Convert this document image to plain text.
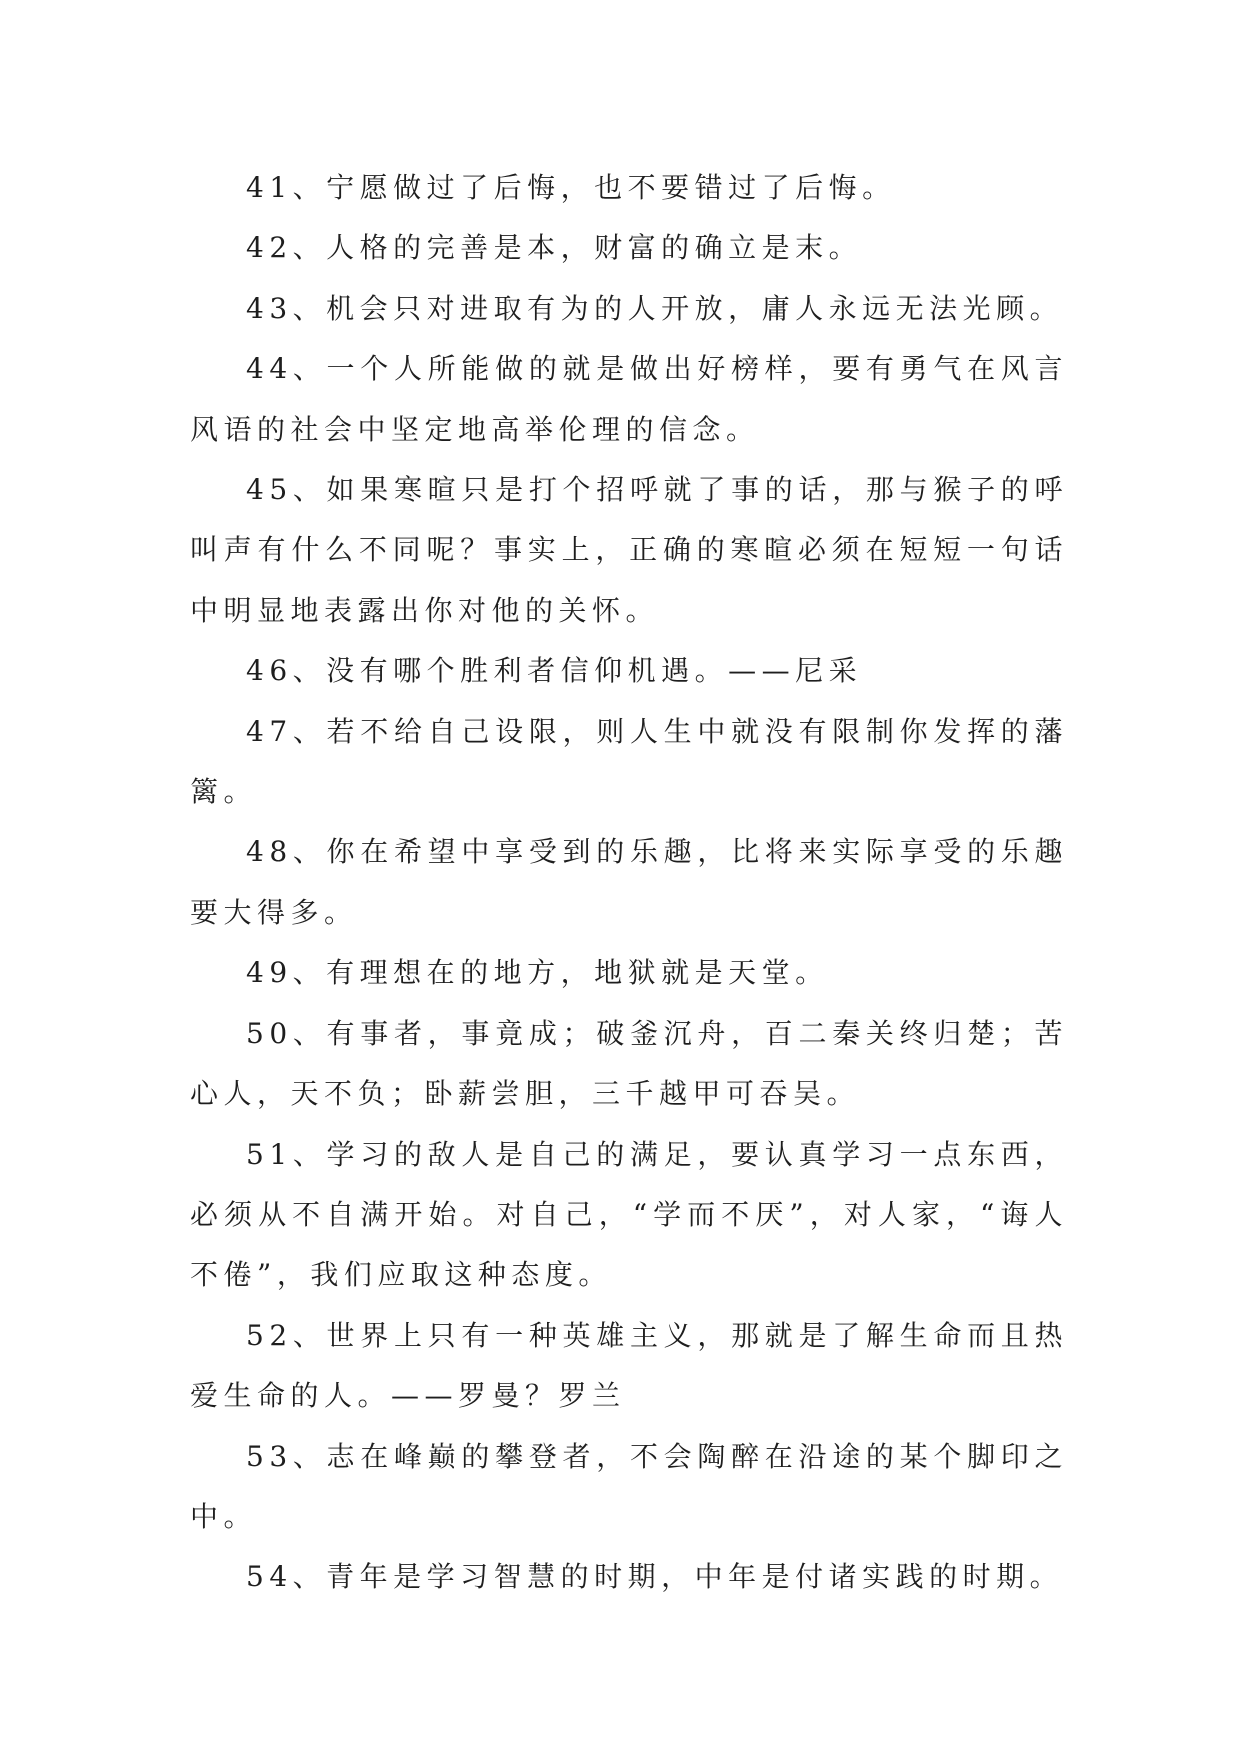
41、宁愿做过了后悔，也不要错过了后悔。

42、人格的完善是本，财富的确立是末。

43、机会只对进取有为的人开放，庸人永远无法光顾。

44、一个人所能做的就是做出好榜样，要有勇气在风言风语的社会中坚定地高举伦理的信念。

45、如果寒暄只是打个招呼就了事的话，那与猴子的呼叫声有什么不同呢？事实上，正确的寒暄必须在短短一句话中明显地表露出你对他的关怀。

46、没有哪个胜利者信仰机遇。——尼采

47、若不给自己设限，则人生中就没有限制你发挥的藩篱。

48、你在希望中享受到的乐趣，比将来实际享受的乐趣要大得多。

49、有理想在的地方，地狱就是天堂。

50、有事者，事竟成；破釜沉舟，百二秦关终归楚；苦心人，天不负；卧薪尝胆，三千越甲可吞吴。

51、学习的敌人是自己的满足，要认真学习一点东西，必须从不自满开始。对自己，“学而不厌”，对人家，“诲人不倦”，我们应取这种态度。

52、世界上只有一种英雄主义，那就是了解生命而且热爱生命的人。——罗曼？罗兰

53、志在峰巅的攀登者，不会陶醉在沿途的某个脚印之中。

54、青年是学习智慧的时期，中年是付诸实践的时期。
